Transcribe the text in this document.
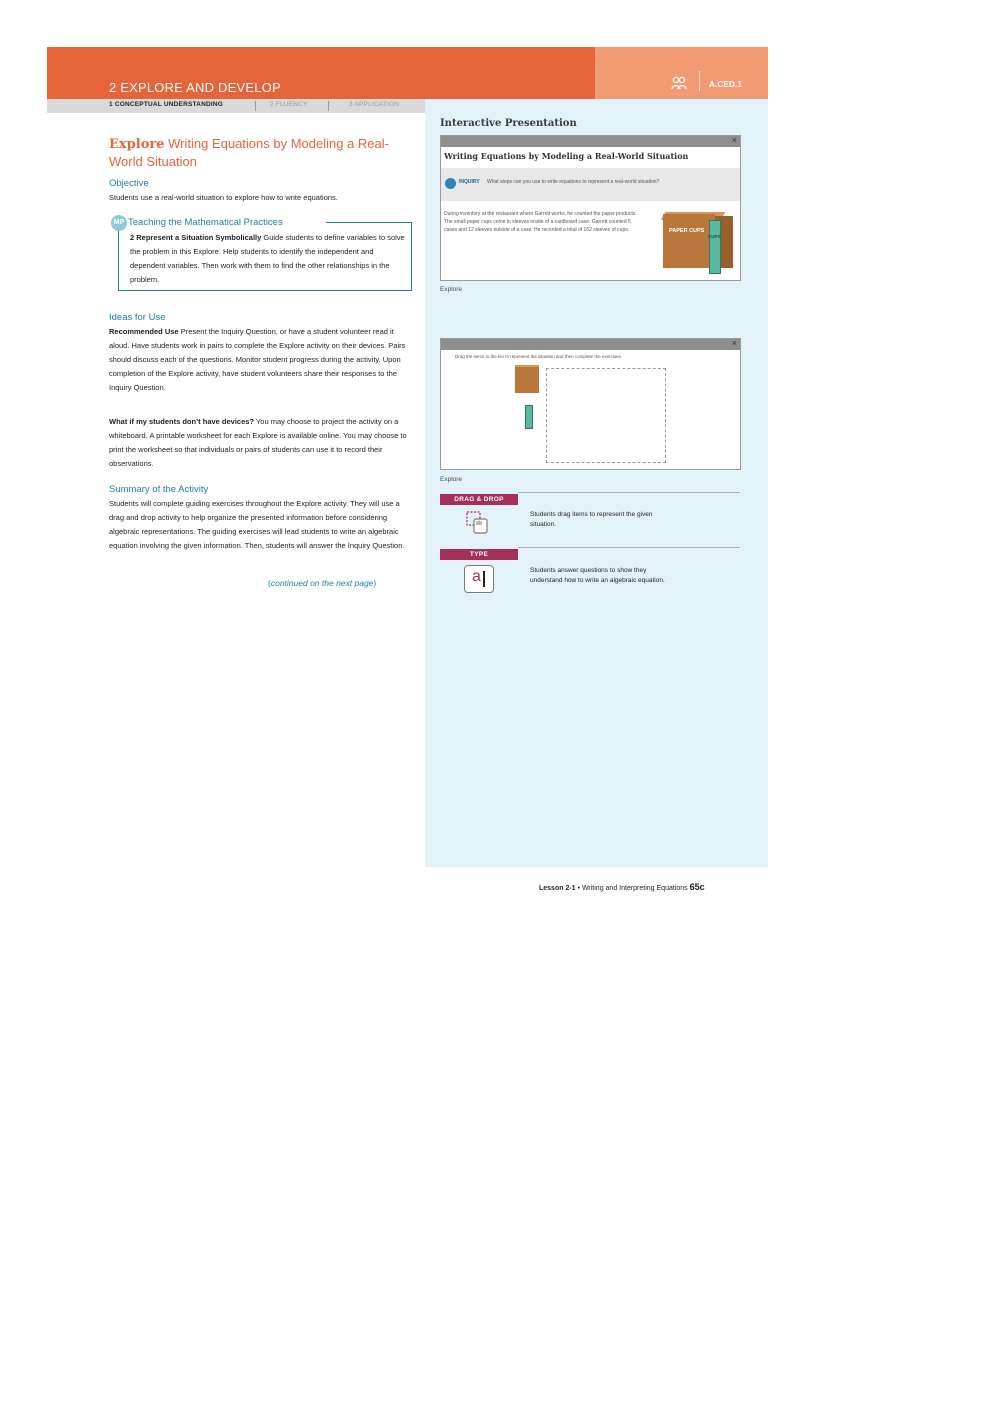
2 EXPLORE AND DEVELOP	A.CED.1
1 CONCEPTUAL UNDERSTANDING	2 FLUENCY	3 APPLICATION
Explore Writing Equations by Modeling a Real-World Situation
Objective
Students use a real-world situation to explore how to write equations.
MP Teaching the Mathematical Practices
2 Represent a Situation Symbolically Guide students to define variables to solve the problem in this Explore. Help students to identify the independent and dependent variables. Then work with them to find the other relationships in the problem.
Ideas for Use
Recommended Use Present the Inquiry Question, or have a student volunteer read it aloud. Have students work in pairs to complete the Explore activity on their devices. Pairs should discuss each of the questions. Monitor student progress during the activity. Upon completion of the Explore activity, have student volunteers share their responses to the Inquiry Question.
What if my students don’t have devices? You may choose to project the activity on a whiteboard. A printable worksheet for each Explore is available online. You may choose to print the worksheet so that individuals or pairs of students can use it to record their observations.
Summary of the Activity
Students will complete guiding exercises throughout the Explore activity. They will use a drag and drop activity to help organize the presented information before considering algebraic representations. The guiding exercises will lead students to write an algebraic equation involving the given information. Then, students will answer the Inquiry Question.
(continued on the next page)
Interactive Presentation
×
Writing Equations by Modeling a Real-World Situation
INQUIRY What steps can you use to write equations to represent a real-world situation?
During inventory at the restaurant where Garrett works, he counted the paper products. The small paper cups come in sleeves inside of a cardboard case. Garrett counted 5 cases and 12 sleeves outside of a case. He recorded a total of 162 sleeves of cups.	PAPER CUPS
CUPS
Explore
×
Drag the items to the bin to represent the situation and then complete the exercises.
Explore
DRAG & DROP
Students drag items to represent the given situation.
TYPE
a	Students answer questions to show they understand how to write an algebraic equation.
Lesson 2-1 • Writing and Interpreting Equations 65c
